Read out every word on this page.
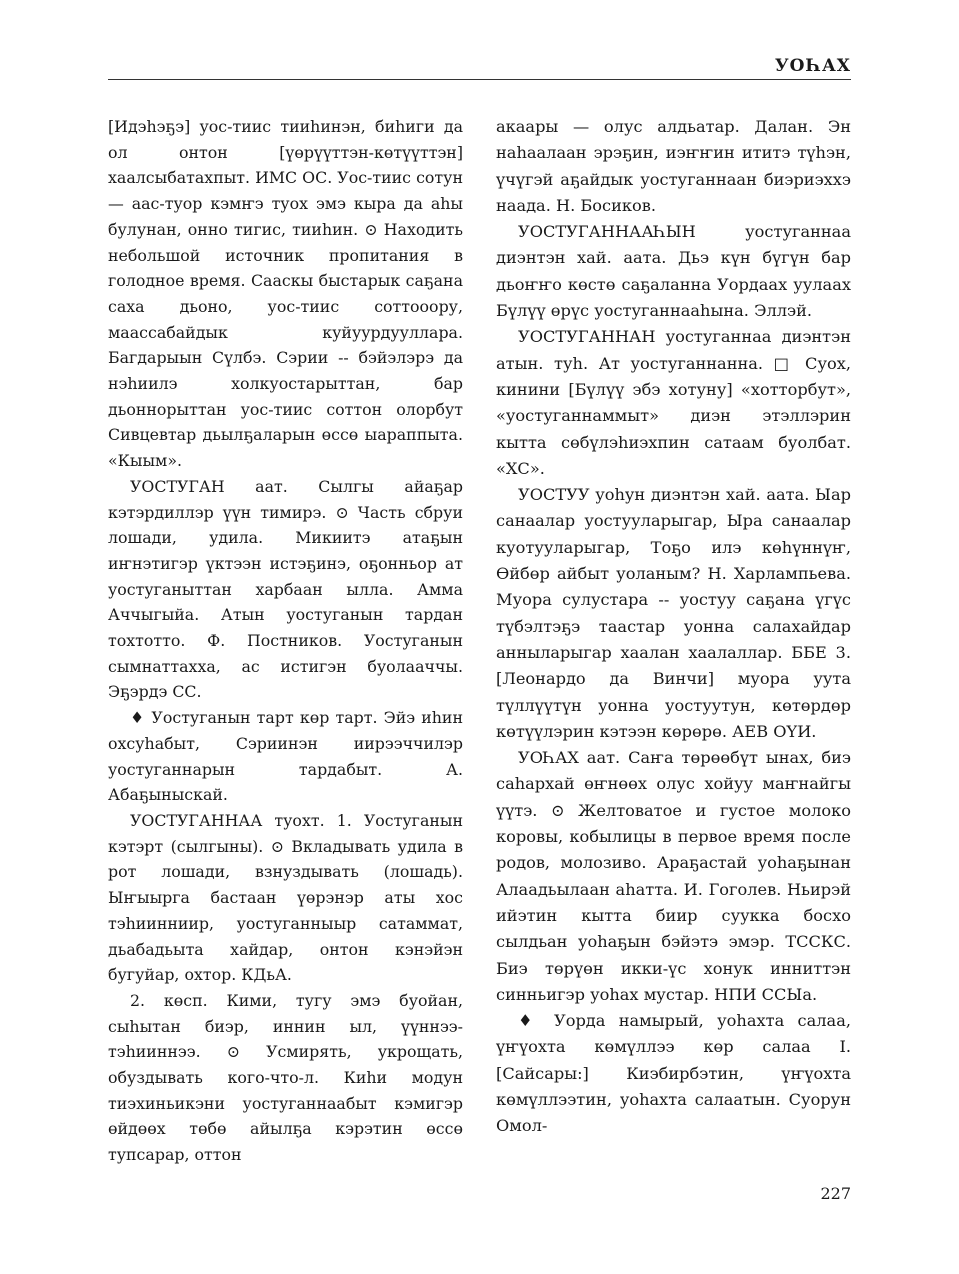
УОҺАХ

[Идэһэҕэ] уос-тиис тииһинэн, биһиги да ол онтон [үөрүүттэн-көтүүттэн] хаалсыбатахпыт. ИМС ОС. Уос-тиис сотун — аас-туор кэмҥэ туох эмэ кыра да аһы булунан, онно тигис, тииһин. ⊙ Находить небольшой источник пропитания в голодное время. Сааскы быстарык саҕана саха дьоно, уос-тиис соттооору, маассабайдык куйуурдууллара. Багдарыын Сүлбэ. Сэрии -- бэйэлэрэ да нэһиилэ холкуостарыттан, бар дьоннорыттан уос-тиис соттон олорбут Сивцевтар дьылҕаларын өссө ыараппыта. «Кыым».

УОСТУГАН аат. Сылгы айаҕар кэтэрдиллэр үүн тимирэ. ⊙ Часть сбруи лошади, удила. Микиитэ атаҕын иҥнэтигэр үктээн истэҕинэ, оҕонньор ат уостуганыттан харбаан ылла. Амма Аччыгыйа. Атын уостуганын тардан тохтотто. Ф. Постников. Уостуганын сымнаттахха, ас истигэн буолааччы. Эҕэрдэ СС.

♦ Уостуганын тарт көр тарт. Эйэ иһин охсуһабыт, Сэриинэн иирээччилэр уостуганнарын тардабыт. А. Абаҕыныскай.

УОСТУГАННАА туохт. 1. Уостуганын кэтэрт (сылгыны). ⊙ Вкладывать удила в рот лошади, взнуздывать (лошадь). Ыҥыырга бастаан үөрэнэр аты хос тэһиинниир, уостуганныыр сатаммат, дьабадьыта хайдар, онтон кэнэйэн бугуйар, охтор. КДьА.

2. көсп. Кими, тугу эмэ буойан, сыһытан биэр, иннин ыл, үүннээ-тэһииннээ. ⊙ Усмирять, укрощать, обуздывать кого-что-л. Киһи модун тиэхиньикэни уостуганнаабыт кэмигэр өйдөөх төбө айылҕа кэрэтин өссө тупсарар, оттон

акаары — олус алдьатар. Далан. Эн наһаалаан эрэҕин, иэҥҥин ититэ түһэн, үчүгэй аҕайдык уостуганнаан биэриэххэ наада. Н. Босиков.

УОСТУГАННААҺЫН уостуганнаа диэнтэн хай. аата. Дьэ күн бүгүн бар дьоҥҥо көстө саҕаланна Уордаах уулаах Бүлүү өрүс уостуганнааһына. Эллэй.

УОСТУГАННАН уостуганнаа диэнтэн атын. туһ. Ат уостуганнанна. □ Суох, кинини [Бүлүү эбэ хотуну] «хотторбут», «уостуганнаммыт» диэн этэллэрин кытта сөбүлэһиэхпин сатаам буолбат. «ХС».

УОСТУУ уоһун диэнтэн хай. аата. Ыар санаалар уостууларыгар, Ыра санаалар куотууларыгар, Тоҕо илэ көһүннүҥ, Өйбөр айбыт уоланым? Н. Харлампьева. Муора сулустара -- уостуу саҕана үгүс түбэлтэҕэ таастар уонна салахайдар анныларыгар хаалан хаалаллар. ББЕ 3. [Леонардо да Винчи] муора уута түллүүтүн уонна уостуутун, көтөрдөр көтүүлэрин кэтээн көрөрө. АЕВ ОҮИ.

УОҺАХ аат. Саҥа төрөөбүт ынах, биэ саһархай өҥнөөх олус хойуу маҥнайгы үүтэ. ⊙ Желтоватое и густое молоко коровы, кобылицы в первое время после родов, молозиво. Араҕастай уоһаҕынан Алаадьылаан аһатта. И. Гоголев. Ньирэй ийэтин кытта биир суукка босхо сылдьан уоһаҕын бэйэтэ эмэр. ТССКС. Биэ төрүөн икки-үс хонук инниттэн синньигэр уоһах мустар. НПИ ССЫа.

♦ Уорда намырый, уоһахта салаа, үҥүохта көмүллээ көр салаа I. [Сайсары:] Киэбирбэтин, үҥүохта көмүллээтин, уоһахта салаатын. Суорун Омол-

227
